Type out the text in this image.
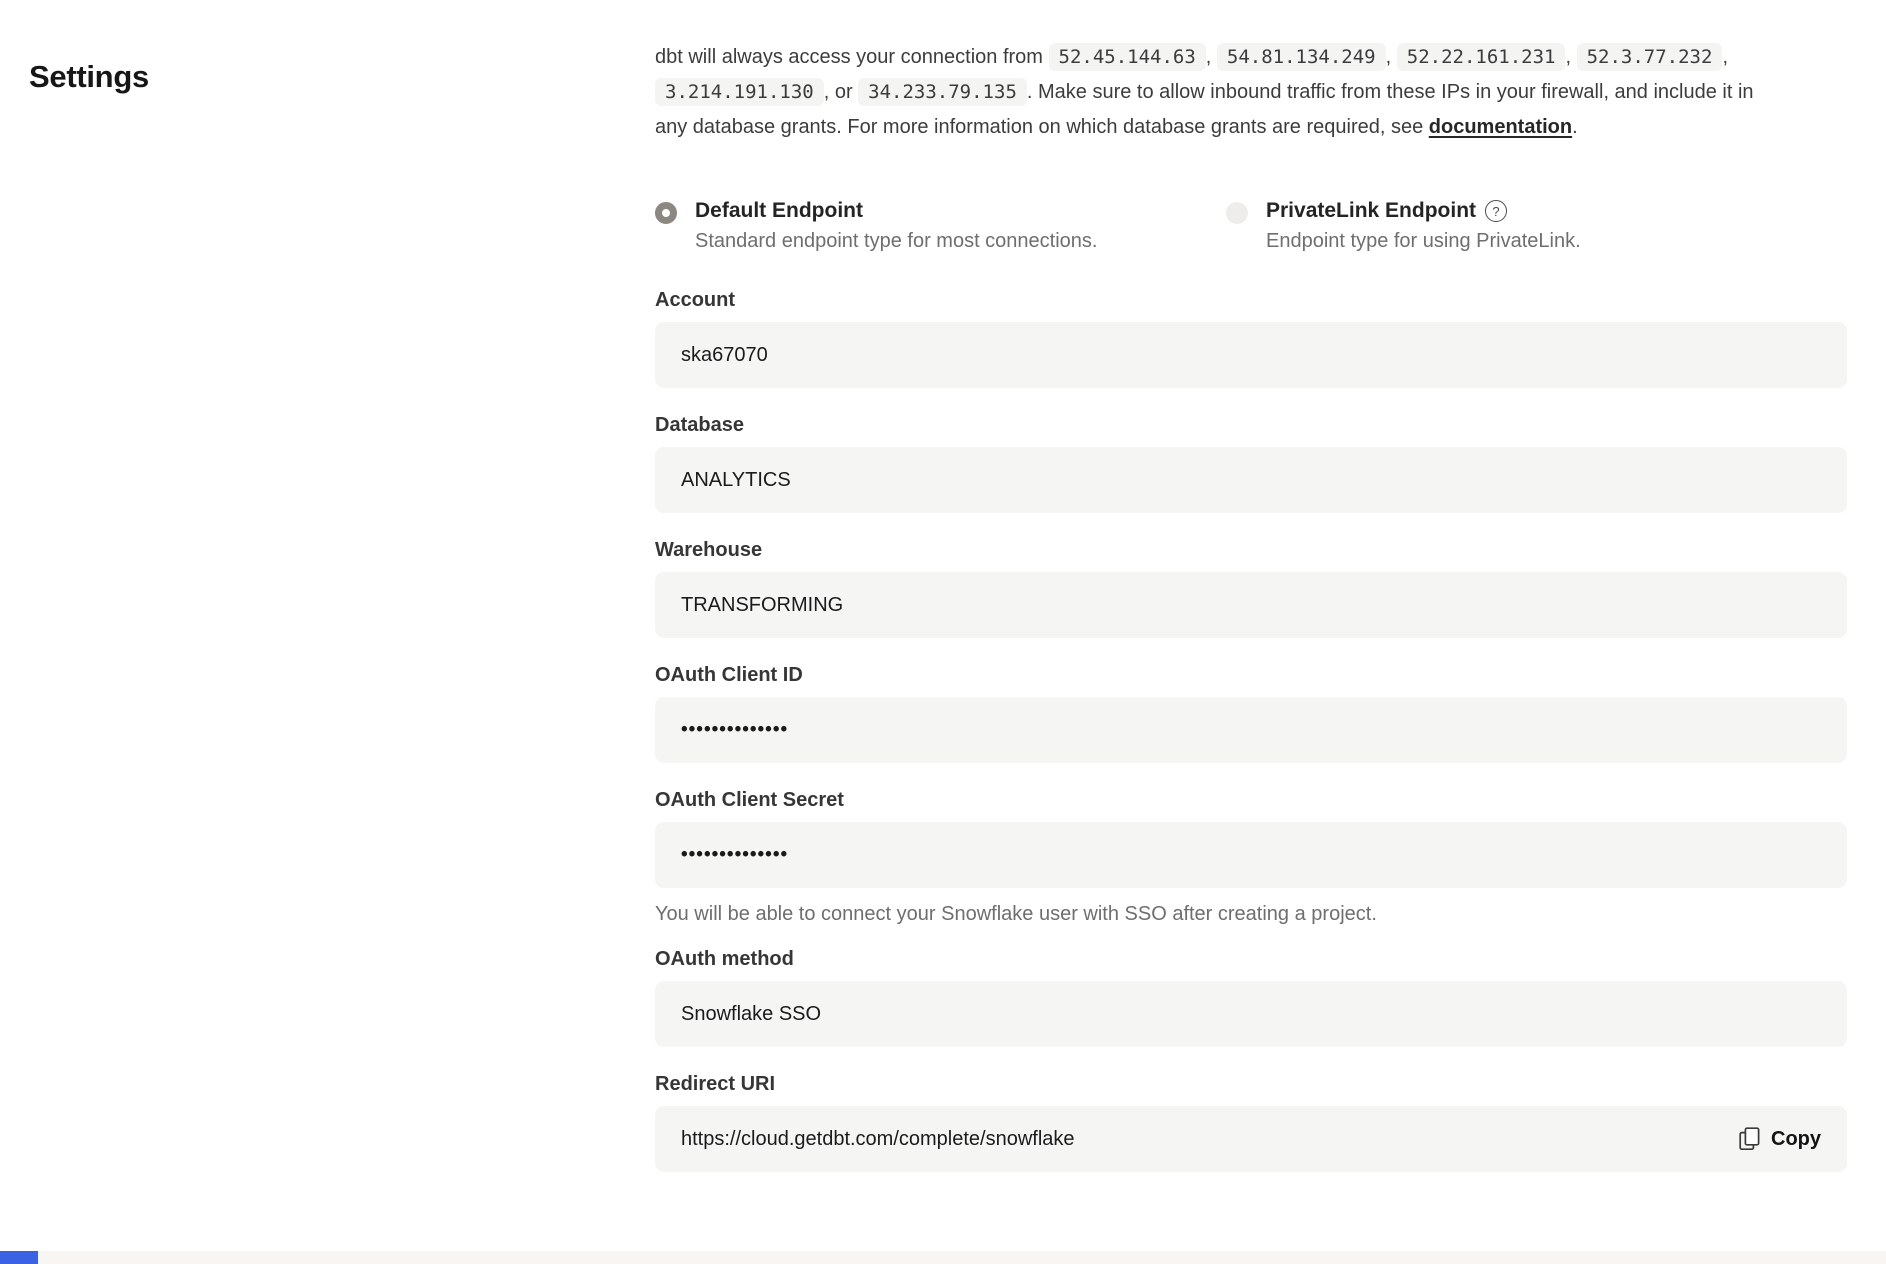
Settings

dbt will always access your connection from 52.45.144.63 , 54.81.134.249 , 52.22.161.231 , 52.3.77.232 , 3.214.191.130 , or 34.233.79.135 . Make sure to allow inbound traffic from these IPs in your firewall, and include it in any database grants. For more information on which database grants are required, see documentation.

Default Endpoint
Standard endpoint type for most connections.
PrivateLink Endpoint	?
Endpoint type for using PrivateLink.
Account
ska67070
Database
ANALYTICS
Warehouse
TRANSFORMING
OAuth Client ID
••••••••••••••
OAuth Client Secret
••••••••••••••
You will be able to connect your Snowflake user with SSO after creating a project.
OAuth method
Snowflake SSO
Redirect URI
https://cloud.getdbt.com/complete/snowflake	Copy
